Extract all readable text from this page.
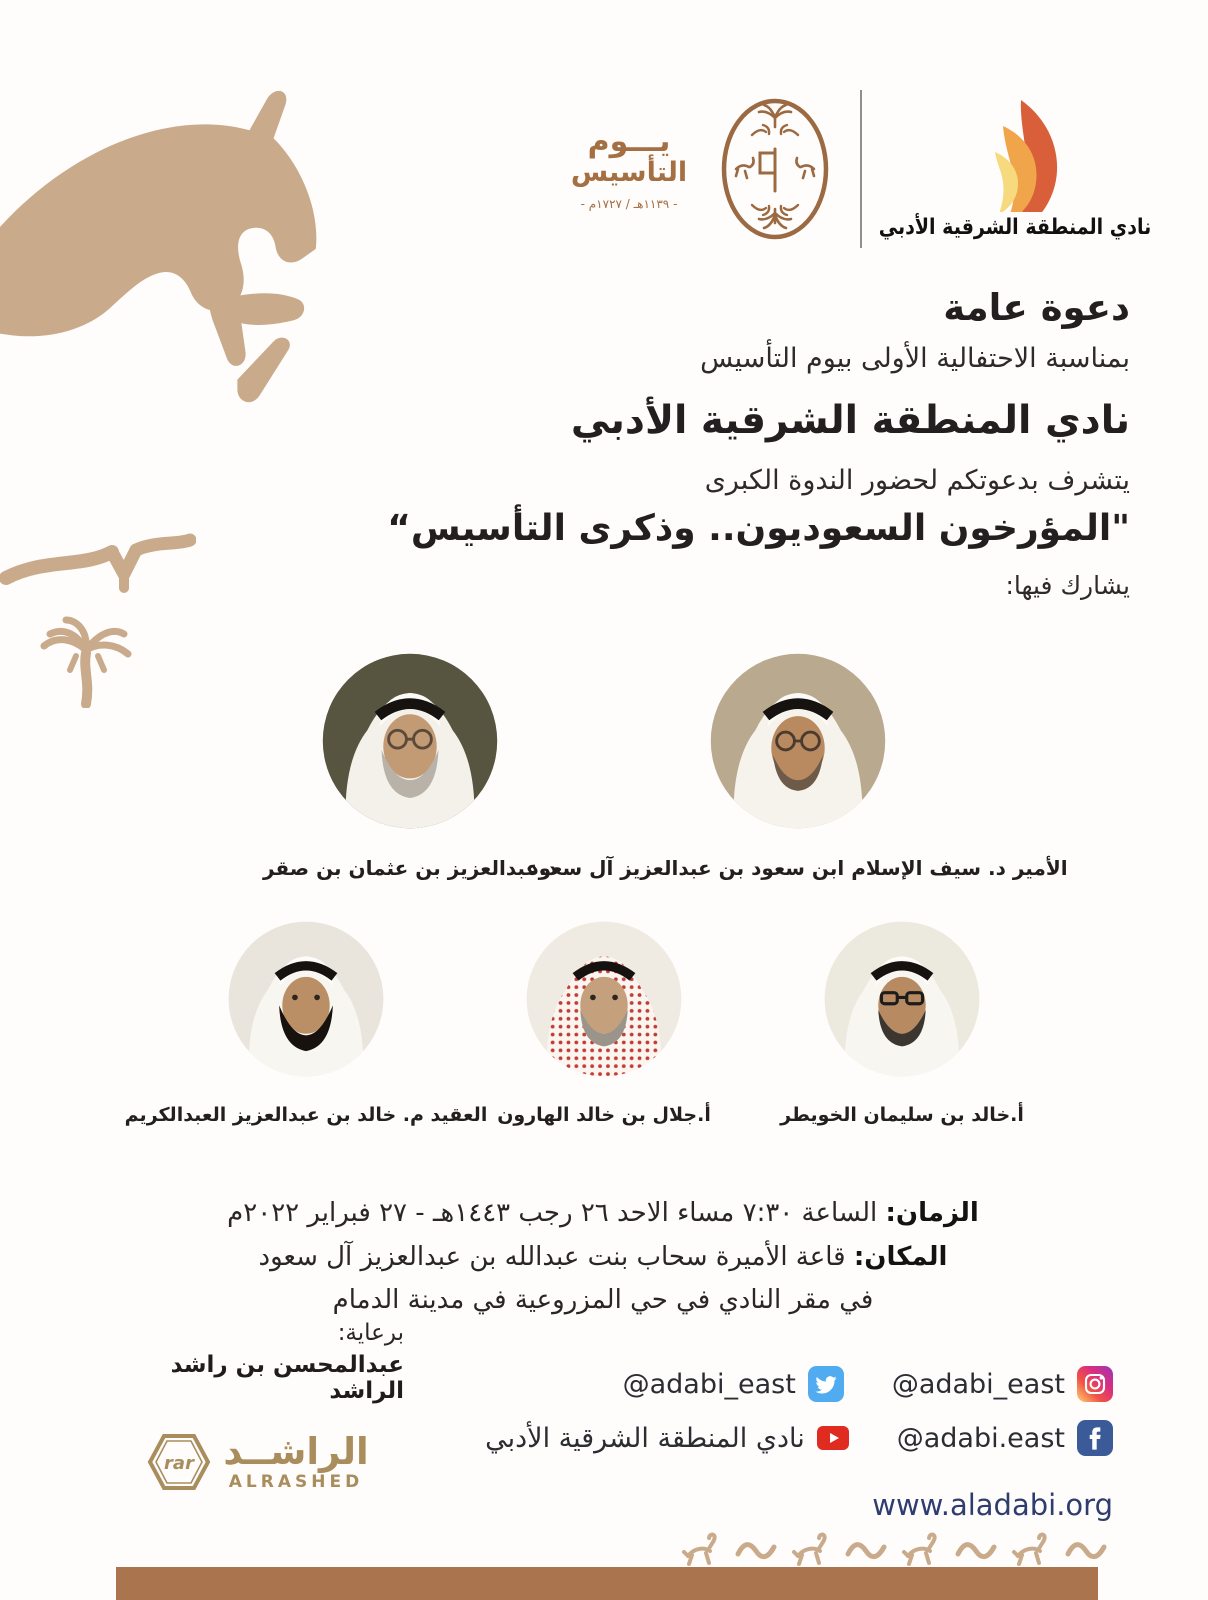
يـــوم
التأسيس
- ١١٣٩هـ / ١٧٢٧م -
نادي المنطقة الشرقية الأدبي
دعوة عامة
بمناسبة الاحتفالية الأولى بيوم التأسيس
نادي المنطقة الشرقية الأدبي
يتشرف بدعوتكم لحضور الندوة الكبرى
"المؤرخون السعوديون.. وذكرى التأسيس“
يشارك فيها:
الأمير د. سيف الإسلام ابن سعود بن عبدالعزيز آل سعود
د.عبدالعزيز بن عثمان بن صقر
أ.خالد بن سليمان الخويطر
أ.جلال بن خالد الهارون
العقيد م. خالد بن عبدالعزيز العبدالكريم
الزمان: الساعة ٧:٣٠ مساء الاحد ٢٦ رجب ١٤٤٣هـ - ٢٧ فبراير ٢٠٢٢م
المكان: قاعة الأميرة سحاب بنت عبدالله بن عبدالعزيز آل سعود
في مقر النادي في حي المزروعية في مدينة الدمام
برعاية:
عبدالمحسن بن راشد الراشد
rar الراشــد
ALRASHED
@adabi_east	@adabi_east
نادي المنطقة الشرقية الأدبي	@adabi.east
www.aladabi.org
